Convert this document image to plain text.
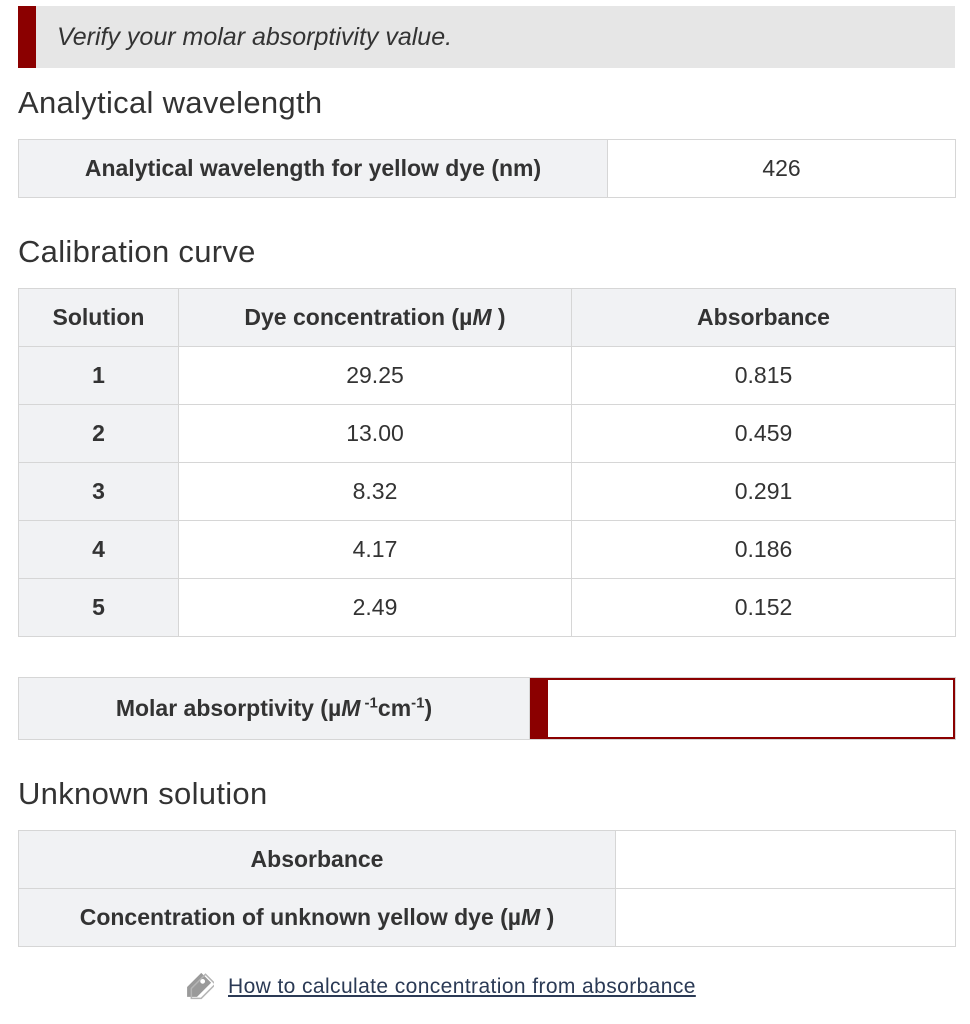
Verify your molar absorptivity value.
Analytical wavelength
Analytical wavelength for yellow dye (nm)	426
Calibration curve
Solution	Dye concentration (µM )	Absorbance
1	29.25	0.815
2	13.00	0.459
3	8.32	0.291
4	4.17	0.186
5	2.49	0.152
Molar absorptivity (µM $^{-1}cm^{-1}$)	
Unknown solution
Absorbance	
Concentration of unknown yellow dye (µM )	
How to calculate concentration from absorbance
